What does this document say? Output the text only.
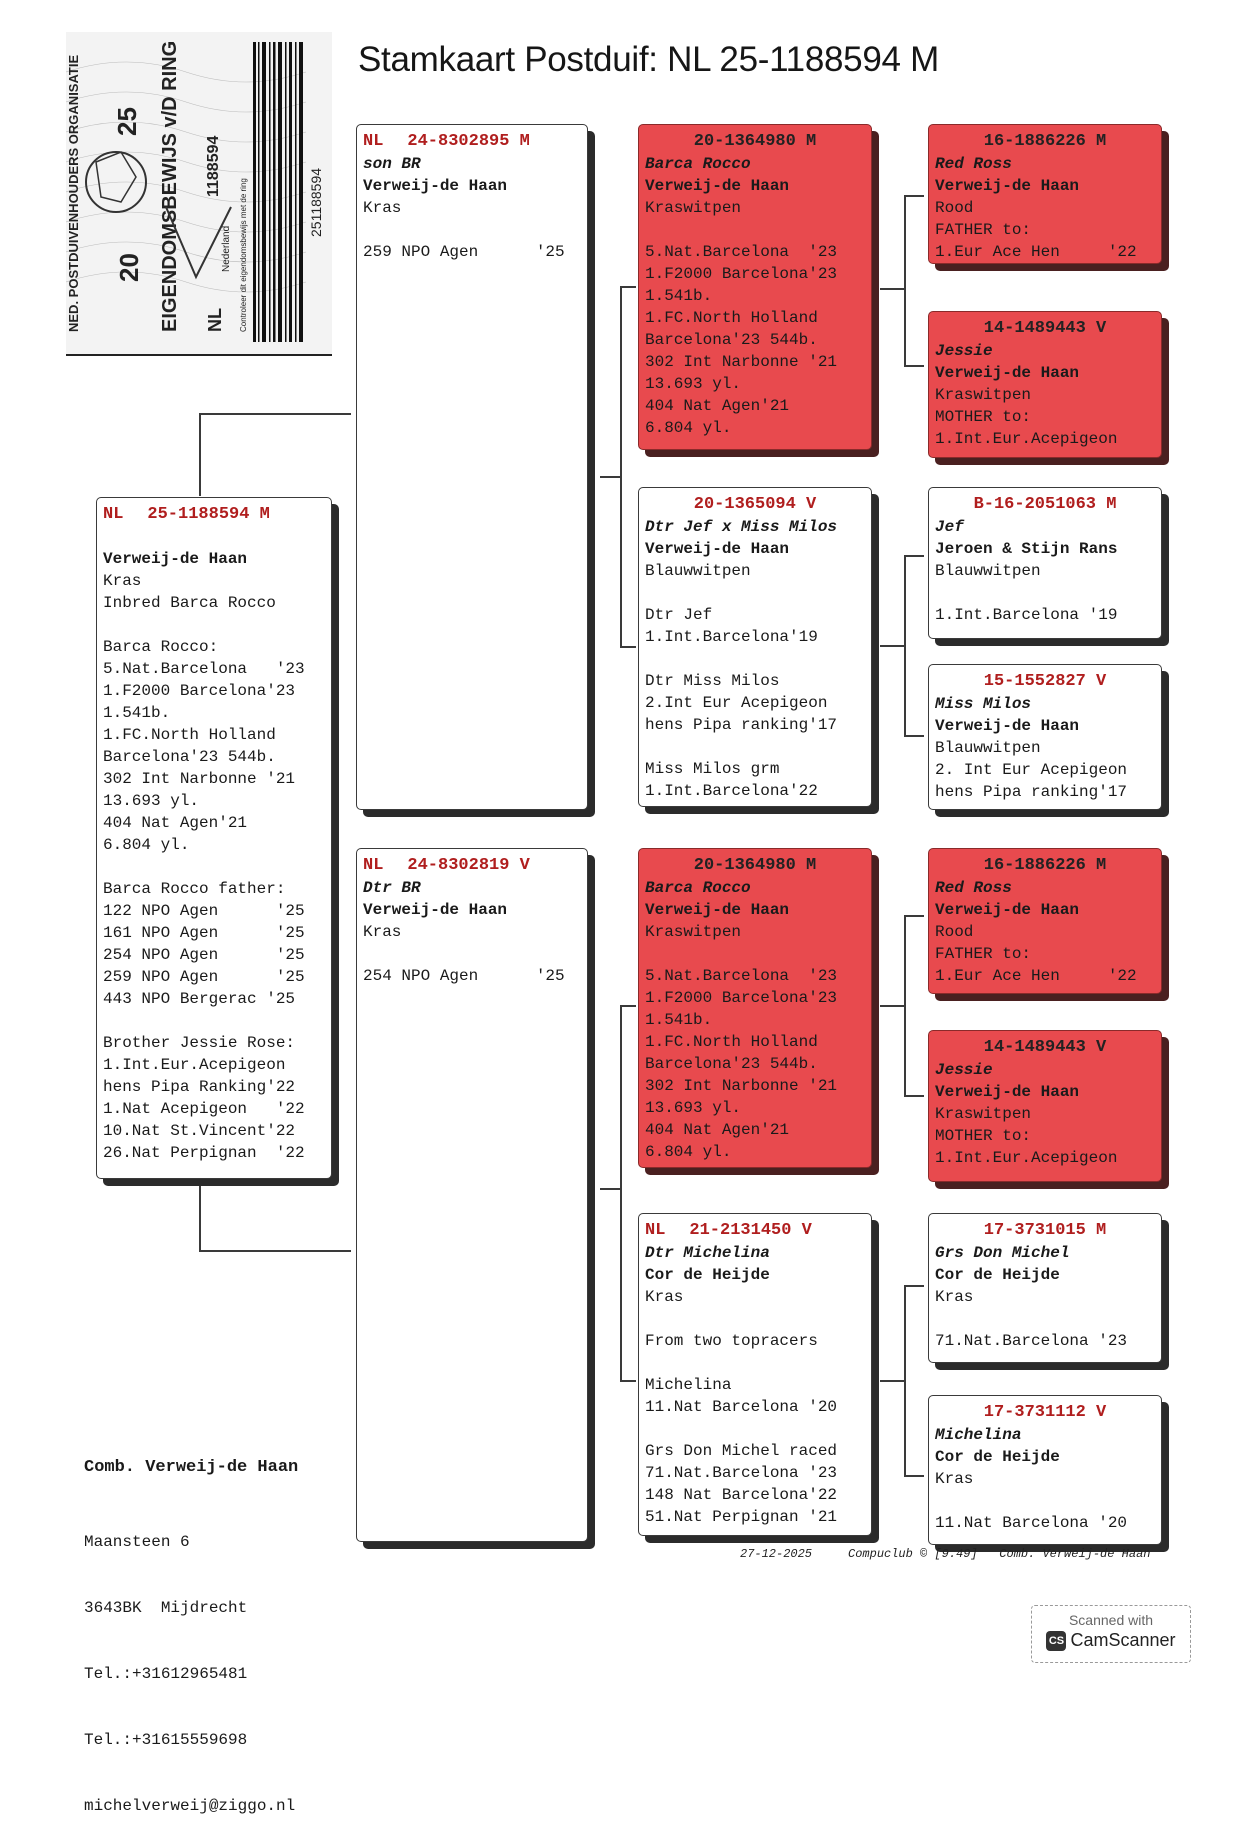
Stamkaart Postduif: NL 25-1188594 M
NED. POSTDUIVENHOUDERS ORGANISATIE	EIGENDOMSBEWIJS v/D RING
20
25
NL
Nederland
1188594
Controleer dit eigendomsbewijs met de ring	251188594
NL 25-1188594 M
Verweij-de Haan
Kras
Inbred Barca Rocco
Barca Rocco:
5.Nat.Barcelona   '23
1.F2000 Barcelona'23
1.541b.
1.FC.North Holland
Barcelona'23 544b.
302 Int Narbonne '21
13.693 yl.
404 Nat Agen'21
6.804 yl.
Barca Rocco father:
122 NPO Agen      '25
161 NPO Agen      '25
254 NPO Agen      '25
259 NPO Agen      '25
443 NPO Bergerac '25
Brother Jessie Rose:
1.Int.Eur.Acepigeon
hens Pipa Ranking'22
1.Nat Acepigeon   '22
10.Nat St.Vincent'22
26.Nat Perpignan  '22
NL 24-8302895 M
son BR
Verweij-de Haan
Kras
259 NPO Agen      '25
NL 24-8302819 V
Dtr BR
Verweij-de Haan
Kras
254 NPO Agen      '25
20-1364980 M
Barca Rocco
Verweij-de Haan
Kraswitpen
5.Nat.Barcelona  '23
1.F2000 Barcelona'23
1.541b.
1.FC.North Holland
Barcelona'23 544b.
302 Int Narbonne '21
13.693 yl.
404 Nat Agen'21
6.804 yl.
20-1365094 V
Dtr Jef x Miss Milos
Verweij-de Haan
Blauwwitpen
Dtr Jef
1.Int.Barcelona'19
Dtr Miss Milos
2.Int Eur Acepigeon
hens Pipa ranking'17
Miss Milos grm
1.Int.Barcelona'22
20-1364980 M
Barca Rocco
Verweij-de Haan
Kraswitpen
5.Nat.Barcelona  '23
1.F2000 Barcelona'23
1.541b.
1.FC.North Holland
Barcelona'23 544b.
302 Int Narbonne '21
13.693 yl.
404 Nat Agen'21
6.804 yl.
NL 21-2131450 V
Dtr Michelina
Cor de Heijde
Kras
From two topracers
Michelina
11.Nat Barcelona '20
Grs Don Michel raced
71.Nat.Barcelona '23
148 Nat Barcelona'22
51.Nat Perpignan '21
16-1886226 M
Red Ross
Verweij-de Haan
Rood
FATHER to:
1.Eur Ace Hen     '22
14-1489443 V
Jessie
Verweij-de Haan
Kraswitpen
MOTHER to:
1.Int.Eur.Acepigeon
B-16-2051063 M
Jef
Jeroen & Stijn Rans
Blauwwitpen
1.Int.Barcelona '19
15-1552827 V
Miss Milos
Verweij-de Haan
Blauwwitpen
2. Int Eur Acepigeon
hens Pipa ranking'17
16-1886226 M
Red Ross
Verweij-de Haan
Rood
FATHER to:
1.Eur Ace Hen     '22
14-1489443 V
Jessie
Verweij-de Haan
Kraswitpen
MOTHER to:
1.Int.Eur.Acepigeon
17-3731015 M
Grs Don Michel
Cor de Heijde
Kras
71.Nat.Barcelona '23
17-3731112 V
Michelina
Cor de Heijde
Kras
11.Nat Barcelona '20

Comb. Verweij-de Haan

Maansteen 6

3643BK  Mijdrecht

Tel.:+31612965481

Tel.:+31615559698

michelverweij@ziggo.nl

27-12-2025     Compuclub © [9.49]   Comb. Verweij-de Haan
Scanned with
CS CamScanner
